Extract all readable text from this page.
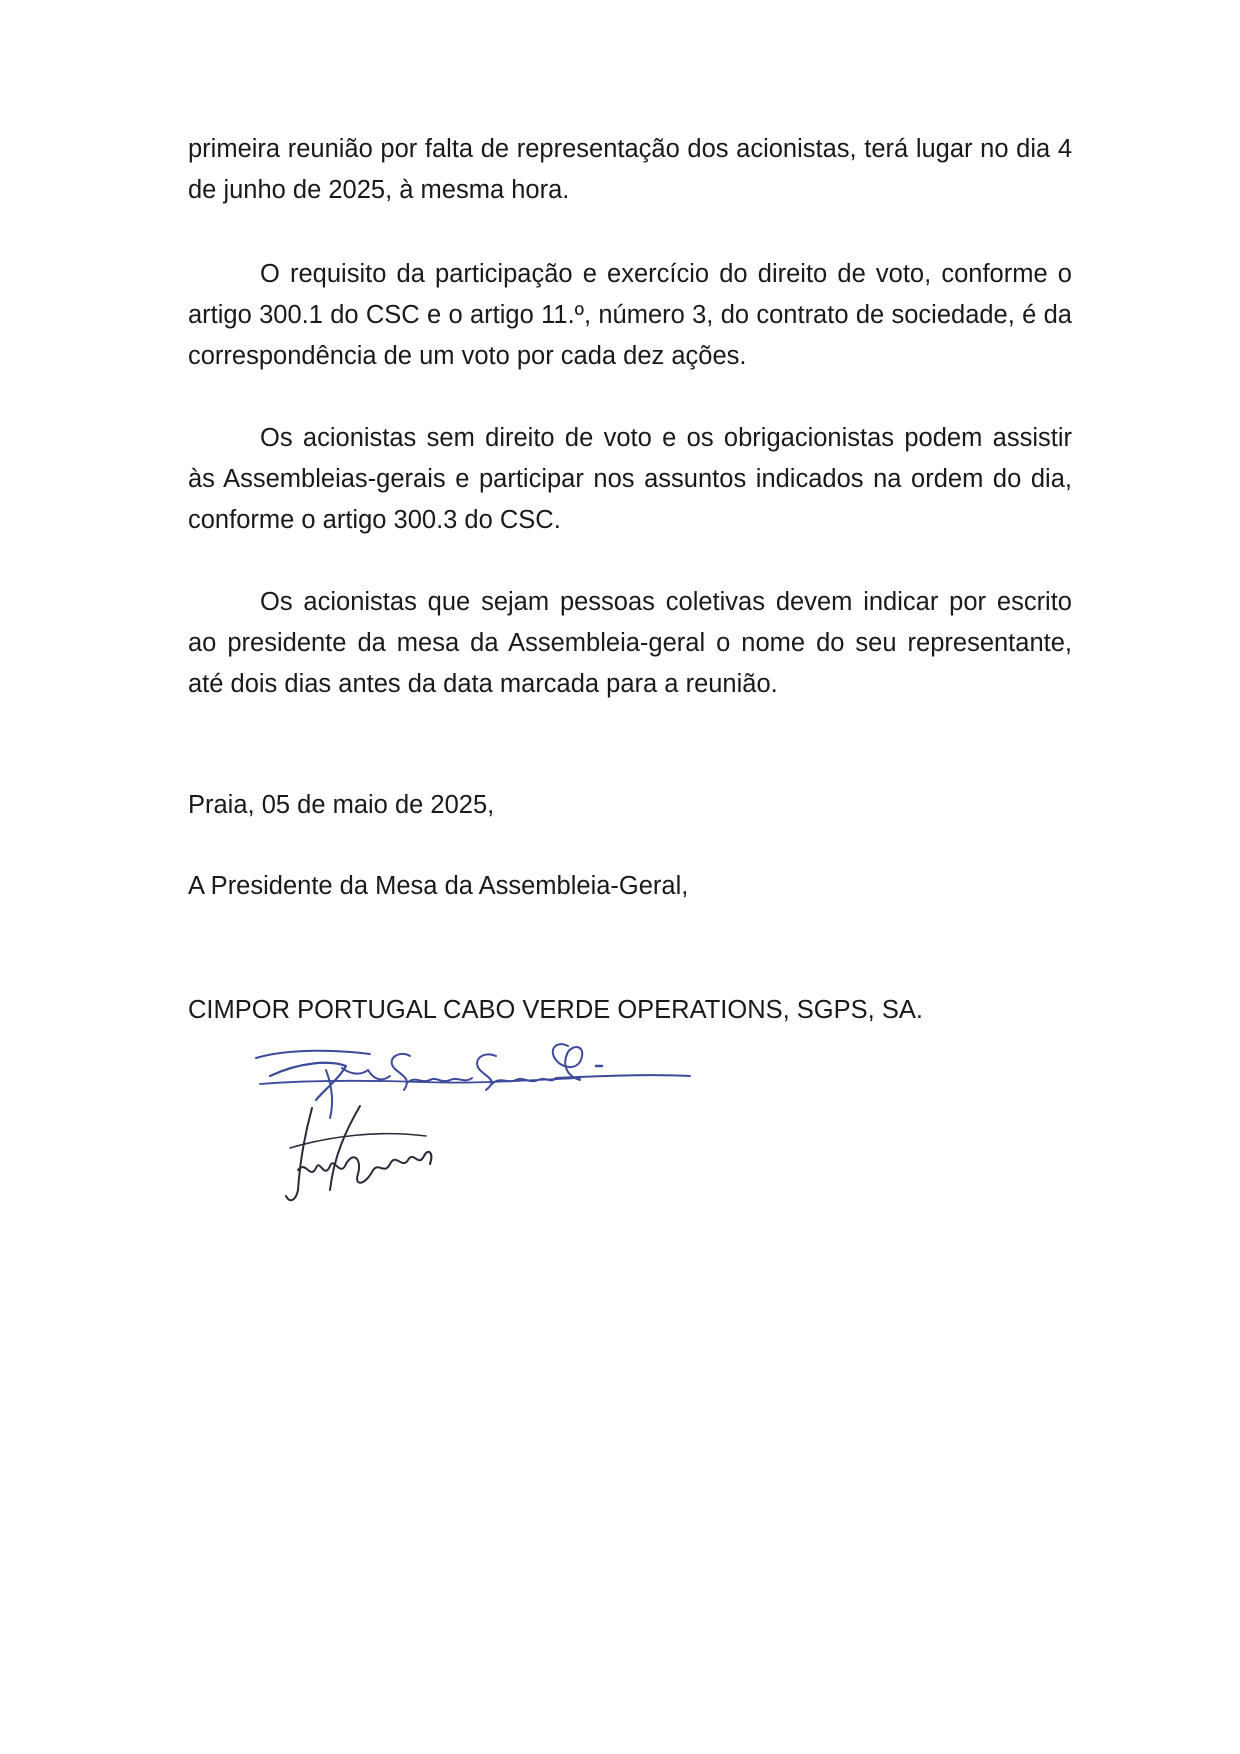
primeira reunião por falta de representação dos acionistas, terá lugar no dia 4 de junho de 2025, à mesma hora.

O requisito da participação e exercício do direito de voto, conforme o artigo 300.1 do CSC e o artigo 11.º, número 3, do contrato de sociedade, é da correspondência de um voto por cada dez ações.

Os acionistas sem direito de voto e os obrigacionistas podem assistir às Assembleias-gerais e participar nos assuntos indicados na ordem do dia, conforme o artigo 300.3 do CSC.

Os acionistas que sejam pessoas coletivas devem indicar por escrito ao presidente da mesa da Assembleia-geral o nome do seu representante, até dois dias antes da data marcada para a reunião.

Praia, 05 de maio de 2025,
A Presidente da Mesa da Assembleia-Geral,
CIMPOR PORTUGAL CABO VERDE OPERATIONS, SGPS, SA.
